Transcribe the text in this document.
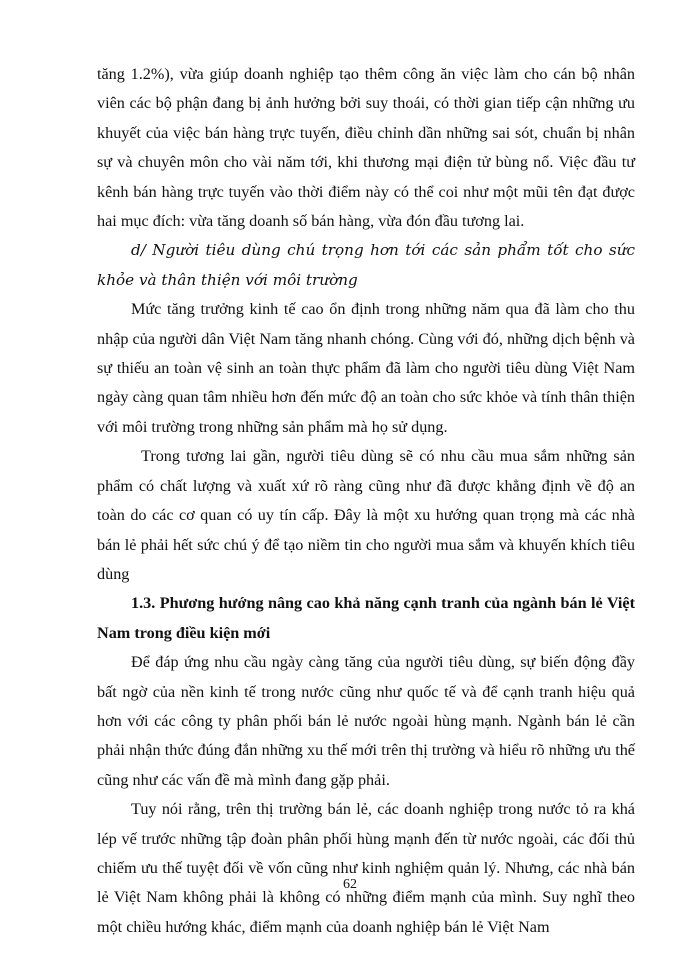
tăng 1.2%), vừa giúp doanh nghiệp tạo thêm công ăn việc làm cho cán bộ nhân viên các bộ phận đang bị ảnh hưởng bởi suy thoái, có thời gian tiếp cận những ưu khuyết của việc bán hàng trực tuyến, điều chỉnh dần những sai sót, chuẩn bị nhân sự và chuyên môn cho vài năm tới, khi thương mại điện tử bùng nổ. Việc đầu tư kênh bán hàng trực tuyến vào thời điểm này có thể coi như một mũi tên đạt được hai mục đích: vừa tăng doanh số bán hàng, vừa đón đầu tương lai.

d/ Người tiêu dùng chú trọng hơn tới các sản phẩm tốt cho sức khỏe và thân thiện với môi trường

Mức tăng trưởng kinh tế cao ổn định trong những năm qua đã làm cho thu nhập của người dân Việt Nam tăng nhanh chóng. Cùng với đó, những dịch bệnh và sự thiếu an toàn vệ sinh an toàn thực phẩm đã làm cho người tiêu dùng Việt Nam ngày càng quan tâm nhiều hơn đến mức độ an toàn cho sức khỏe và tính thân thiện với môi trường trong những sản phẩm mà họ sử dụng.

Trong tương lai gần, người tiêu dùng sẽ có nhu cầu mua sắm những sản phẩm có chất lượng và xuất xứ rõ ràng cũng như đã được khẳng định về độ an toàn do các cơ quan có uy tín cấp. Đây là một xu hướng quan trọng mà các nhà bán lẻ phải hết sức chú ý để tạo niềm tin cho người mua sắm và khuyến khích tiêu dùng

1.3. Phương hướng nâng cao khả năng cạnh tranh của ngành bán lẻ Việt Nam trong điều kiện mới

Để đáp ứng nhu cầu ngày càng tăng của người tiêu dùng, sự biến động đầy bất ngờ của nền kinh tế trong nước cũng như quốc tế và để cạnh tranh hiệu quả hơn với các công ty phân phối bán lẻ nước ngoài hùng mạnh. Ngành bán lẻ cần phải nhận thức đúng đắn những xu thế mới trên thị trường và hiểu rõ những ưu thế cũng như các vấn đề mà mình đang gặp phải.

Tuy nói rằng, trên thị trường bán lẻ, các doanh nghiệp trong nước tỏ ra khá lép vế trước những tập đoàn phân phối hùng mạnh đến từ nước ngoài, các đối thủ chiếm ưu thế tuyệt đối về vốn cũng như kinh nghiệm quản lý. Nhưng, các nhà bán lẻ Việt Nam không phải là không có những điểm mạnh của mình. Suy nghĩ theo một chiều hướng khác, điểm mạnh của doanh nghiệp bán lẻ Việt Nam

62
